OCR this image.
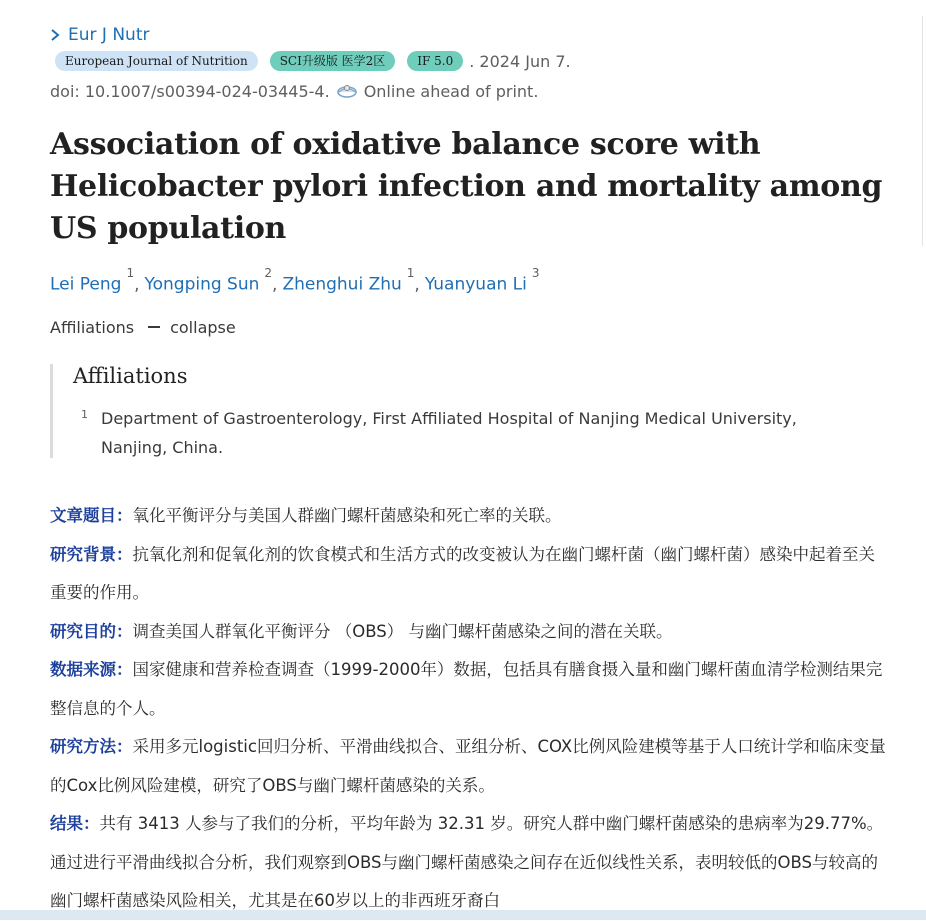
Eur J Nutr
European Journal of Nutrition	SCI升级版 医学2区	IF 5.0	. 2024 Jun 7.
doi: 10.1007/s00394-024-03445-4. Online ahead of print.
Association of oxidative balance score with Helicobacter pylori infection and mortality among US population
Lei Peng$^1$, Yongping Sun$^2$, Zhenghui Zhu$^1$, Yuanyuan Li$^3$
Affiliations collapse
Affiliations
1 Department of Gastroenterology, First Affiliated Hospital of Nanjing Medical University, Nanjing, China.

文章题目：氧化平衡评分与美国人群幽门螺杆菌感染和死亡率的关联。

研究背景：抗氧化剂和促氧化剂的饮食模式和生活方式的改变被认为在幽门螺杆菌（幽门螺杆菌）感染中起着至关重要的作用。

研究目的：调查美国人群氧化平衡评分 （OBS） 与幽门螺杆菌感染之间的潜在关联。

数据来源：国家健康和营养检查调查（1999-2000年）数据，包括具有膳食摄入量和幽门螺杆菌血清学检测结果完整信息的个人。

研究方法：采用多元logistic回归分析、平滑曲线拟合、亚组分析、COX比例风险建模等基于人口统计学和临床变量的Cox比例风险建模，研究了OBS与幽门螺杆菌感染的关系。

结果：共有 3413 人参与了我们的分析，平均年龄为 32.31 岁。研究人群中幽门螺杆菌感染的患病率为29.77%。通过进行平滑曲线拟合分析，我们观察到OBS与幽门螺杆菌感染之间存在近似线性关系，表明较低的OBS与较高的幽门螺杆菌感染风险相关，尤其是在60岁以上的非西班牙裔白
